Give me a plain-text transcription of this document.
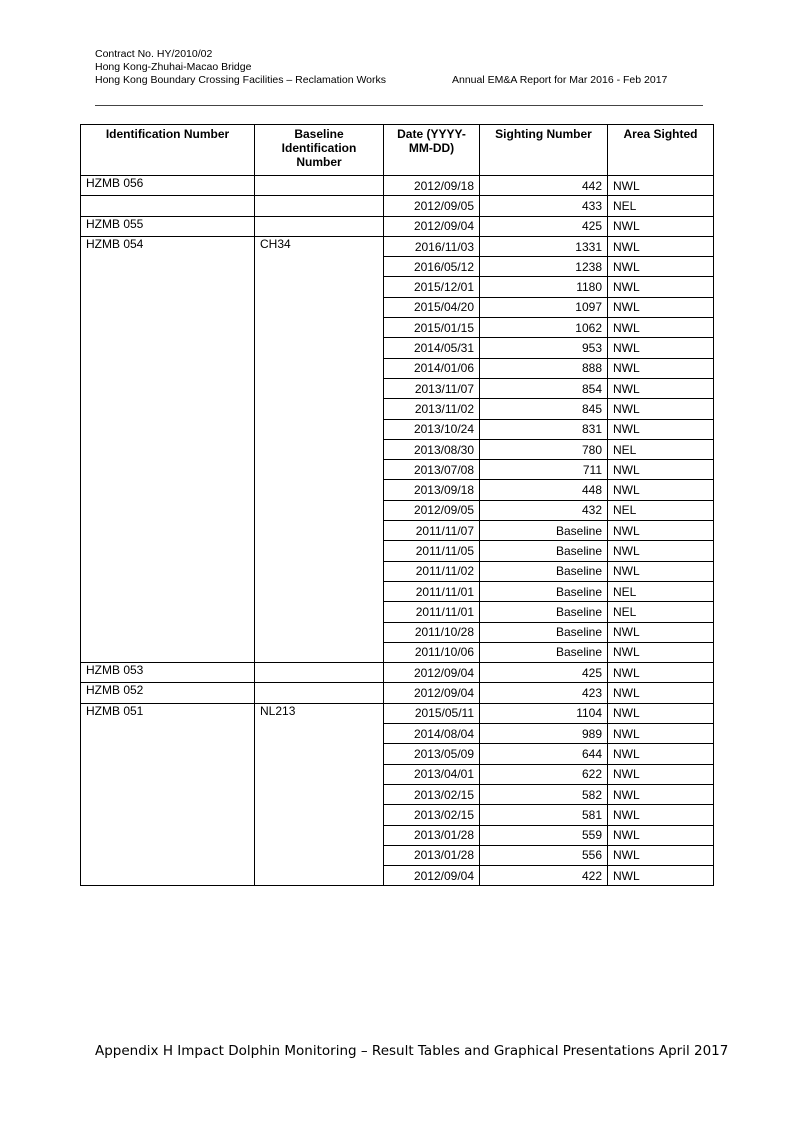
Contract No. HY/2010/02
Hong Kong-Zhuhai-Macao Bridge
Hong Kong Boundary Crossing Facilities – Reclamation Works	Annual EM&A Report for Mar 2016 - Feb 2017
Identification Number	Baseline Identification Number	Date (YYYY-MM-DD)	Sighting Number	Area Sighted
HZMB 056		2012/09/18	442	NWL
		2012/09/05	433	NEL
HZMB 055		2012/09/04	425	NWL
HZMB 054	CH34	2016/11/03	1331	NWL
		2016/05/12	1238	NWL
		2015/12/01	1180	NWL
		2015/04/20	1097	NWL
		2015/01/15	1062	NWL
		2014/05/31	953	NWL
		2014/01/06	888	NWL
		2013/11/07	854	NWL
		2013/11/02	845	NWL
		2013/10/24	831	NWL
		2013/08/30	780	NEL
		2013/07/08	711	NWL
		2013/09/18	448	NWL
		2012/09/05	432	NEL
		2011/11/07	Baseline	NWL
		2011/11/05	Baseline	NWL
		2011/11/02	Baseline	NWL
		2011/11/01	Baseline	NEL
		2011/11/01	Baseline	NEL
		2011/10/28	Baseline	NWL
		2011/10/06	Baseline	NWL
HZMB 053		2012/09/04	425	NWL
HZMB 052		2012/09/04	423	NWL
HZMB 051	NL213	2015/05/11	1104	NWL
		2014/08/04	989	NWL
		2013/05/09	644	NWL
		2013/04/01	622	NWL
		2013/02/15	582	NWL
		2013/02/15	581	NWL
		2013/01/28	559	NWL
		2013/01/28	556	NWL
		2012/09/04	422	NWL
Appendix H Impact Dolphin Monitoring – Result Tables and Graphical Presentations April 2017
